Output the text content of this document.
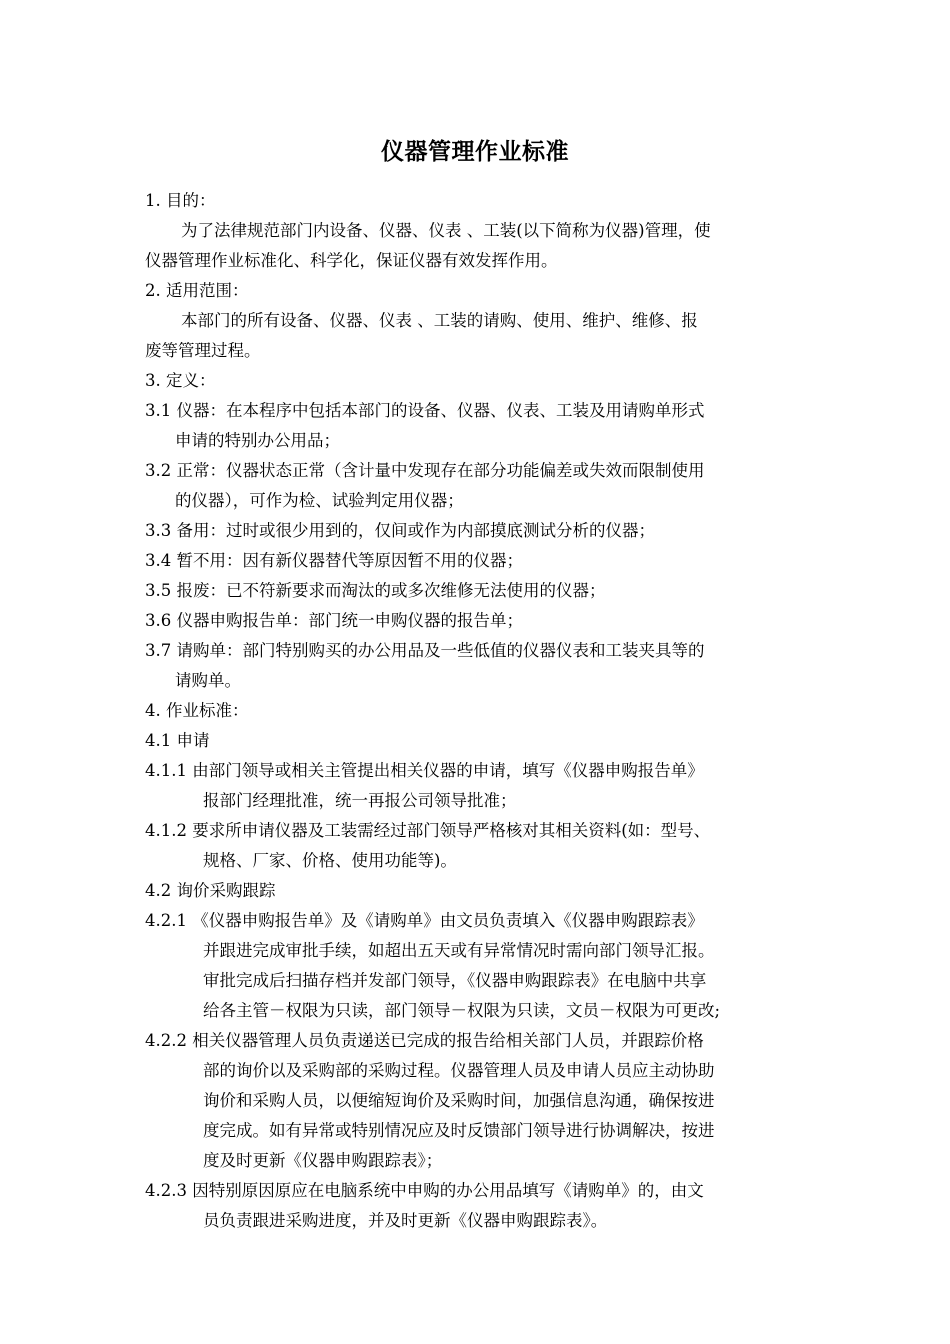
仪器管理作业标准
1. 目的：
为了法律规范部门内设备、仪器、仪表 、工装(以下简称为仪器)管理，使
仪器管理作业标准化、科学化，保证仪器有效发挥作用。
2. 适用范围：
本部门的所有设备、仪器、仪表 、工装的请购、使用、维护、维修、报
废等管理过程。
3. 定义：
3.1 仪器：在本程序中包括本部门的设备、仪器、仪表、工装及用请购单形式
申请的特别办公用品；
3.2 正常：仪器状态正常（含计量中发现存在部分功能偏差或失效而限制使用
的仪器），可作为检、试验判定用仪器；
3.3 备用：过时或很少用到的，仅间或作为内部摸底测试分析的仪器；
3.4 暂不用：因有新仪器替代等原因暂不用的仪器；
3.5 报废：已不符新要求而淘汰的或多次维修无法使用的仪器；
3.6 仪器申购报告单：部门统一申购仪器的报告单；
3.7 请购单：部门特别购买的办公用品及一些低值的仪器仪表和工装夹具等的
请购单。
4. 作业标准：
4.1 申请
4.1.1 由部门领导或相关主管提出相关仪器的申请，填写《仪器申购报告单》
报部门经理批准，统一再报公司领导批准；
4.1.2 要求所申请仪器及工装需经过部门领导严格核对其相关资料(如：型号、
规格、厂家、价格、使用功能等)。
4.2 询价采购跟踪
4.2.1 《仪器申购报告单》及《请购单》由文员负责填入《仪器申购跟踪表》
并跟进完成审批手续，如超出五天或有异常情况时需向部门领导汇报。
审批完成后扫描存档并发部门领导，《仪器申购跟踪表》在电脑中共享
给各主管－权限为只读，部门领导－权限为只读，文员－权限为可更改;
4.2.2 相关仪器管理人员负责递送已完成的报告给相关部门人员，并跟踪价格
部的询价以及采购部的采购过程。仪器管理人员及申请人员应主动协助
询价和采购人员，以便缩短询价及采购时间，加强信息沟通，确保按进
度完成。如有异常或特别情况应及时反馈部门领导进行协调解决，按进
度及时更新《仪器申购跟踪表》；
4.2.3 因特别原因原应在电脑系统中申购的办公用品填写《请购单》的，由文
员负责跟进采购进度，并及时更新《仪器申购跟踪表》。
